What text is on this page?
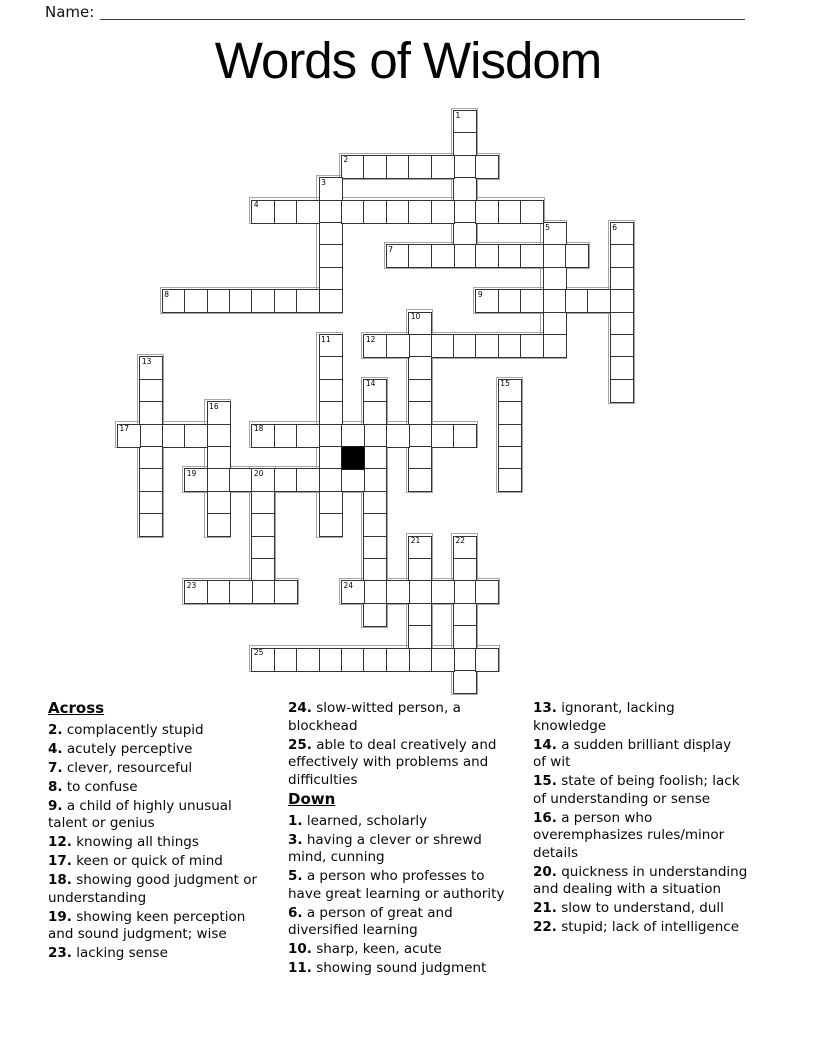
Name:
Words of Wisdom
1
2
3
4
5	6
7
8	9
10
11	12
13
14	15
16
17	18
19	20
21	22
23	24
25
Across
2. complacently stupid
4. acutely perceptive
7. clever, resourceful
8. to confuse
9. a child of highly unusual
talent or genius
12. knowing all things
17. keen or quick of mind
18. showing good judgment or
understanding
19. showing keen perception
and sound judgment; wise
23. lacking sense
24. slow-witted person, a
blockhead
25. able to deal creatively and
effectively with problems and
difficulties
Down
1. learned, scholarly
3. having a clever or shrewd
mind, cunning
5. a person who professes to
have great learning or authority
6. a person of great and
diversified learning
10. sharp, keen, acute
11. showing sound judgment
13. ignorant, lacking
knowledge
14. a sudden brilliant display
of wit
15. state of being foolish; lack
of understanding or sense
16. a person who
overemphasizes rules/minor
details
20. quickness in understanding
and dealing with a situation
21. slow to understand, dull
22. stupid; lack of intelligence
